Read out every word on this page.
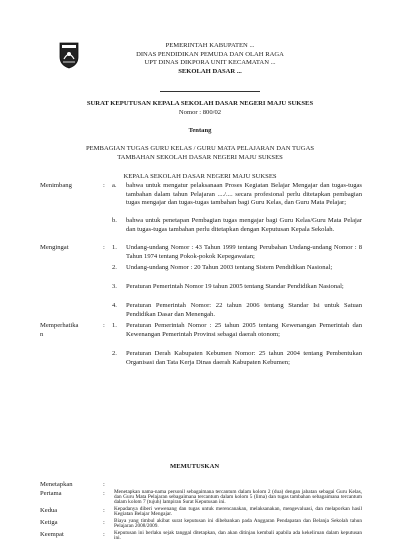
PEMERINTAH KABUPATEN ...
DINAS PENDIDIKAN PEMUDA DAN OLAH RAGA
UPT DINAS DIKPORA UNIT KECAMATAN ...
SEKOLAH DASAR ...
SURAT KEPUTUSAN KEPALA SEKOLAH DASAR NEGERI MAJU SUKSES
Nomor : 800/02
Tentang
PEMBAGIAN TUGAS GURU KELAS / GURU MATA PELAJARAN DAN TUGAS
TAMBAHAN SEKOLAH DASAR NEGERI MAJU SUKSES
KEPALA SEKOLAH DASAR NEGERI MAJU SUKSES
Menimbang	: a. bahwa untuk mengatur pelaksanaan Proses Kegiatan Belajar Mengajar dan tugas-tugas tambahan dalam tahun Pelajaran ..../.... secara profesional perlu ditetapkan pembagian tugas mengajar dan tugas-tugas tambahan bagi Guru Kelas, dan Guru Mata Pelajar;
b. bahwa untuk penetapan Pembagian tugas mengajar bagi Guru Kelas/Guru Mata Pelajar dan tugas-tugas tambahan perlu ditetapkan dengan Keputusan Kepala Sekolah.
Mengingat	: 1. Undang-undang Nomor : 43 Tahun 1999 tentang Perubahan Undang-undang Nomor : 8 Tahun 1974 tentang Pokok-pokok Kepegawaian;
2. Undang-undang Nomor : 20 Tahun 2003 tentang Sistem Pendidikan Nasional;
3. Peraturan Pemerintah Nomor 19 tahun 2005 tentang Standar Pendidikan Nasional;
4. Peraturan Pemerintah Nomor: 22 tahun 2006 tentang Standar Isi untuk Satuan Pendidikan Dasar dan Menengah.
Memperhatika
n
: 1. Peraturan Pemerintah Nomor : 25 tahun 2005 tentang Kewenangan Pemerintah dan Kewenangan Pemerintah Provinsi sebagai daerah otonom;
2. Peraturan Derah Kabupaten Kebumen Nomor: 25 tahun 2004 tentang Pembentukan Organisasi dan Tata Kerja Dinas daerah Kabupaten Kebumen;
MEMUTUSKAN
Menetapkan	:
Pertama	: Menetapkan nama-nama personil sebagaimana tercantum dalam kolom 2 (dua) dengan jabatan sebagai Guru Kelas, dan Guru Mata Pelajaran sebagaimana tercantum dalam kolom 5 (lima) dan tugas tambahan sebagaimana tercantum dalam kolom 7 (tujuh) lampiran Surat Keputusan ini.
Kedua	: Kepadanya diberi wewenang dan tugas untuk merencanakan, melaksanakan, mengevaluasi, dan melaporkan hasil Kegiatan Belajar Mengajar.
Ketiga	: Biaya yang timbul akibat surat keputusan ini dibebankan pada Anggaran Pendapatan dan Belanja Sekolah tahun Pelajaran 2008/2009.
Keempat	: Keputusan ini berlaku sejak tanggal ditetapkan, dan akan ditinjau kembali apabila ada kekeliruan dalam keputusan ini.
